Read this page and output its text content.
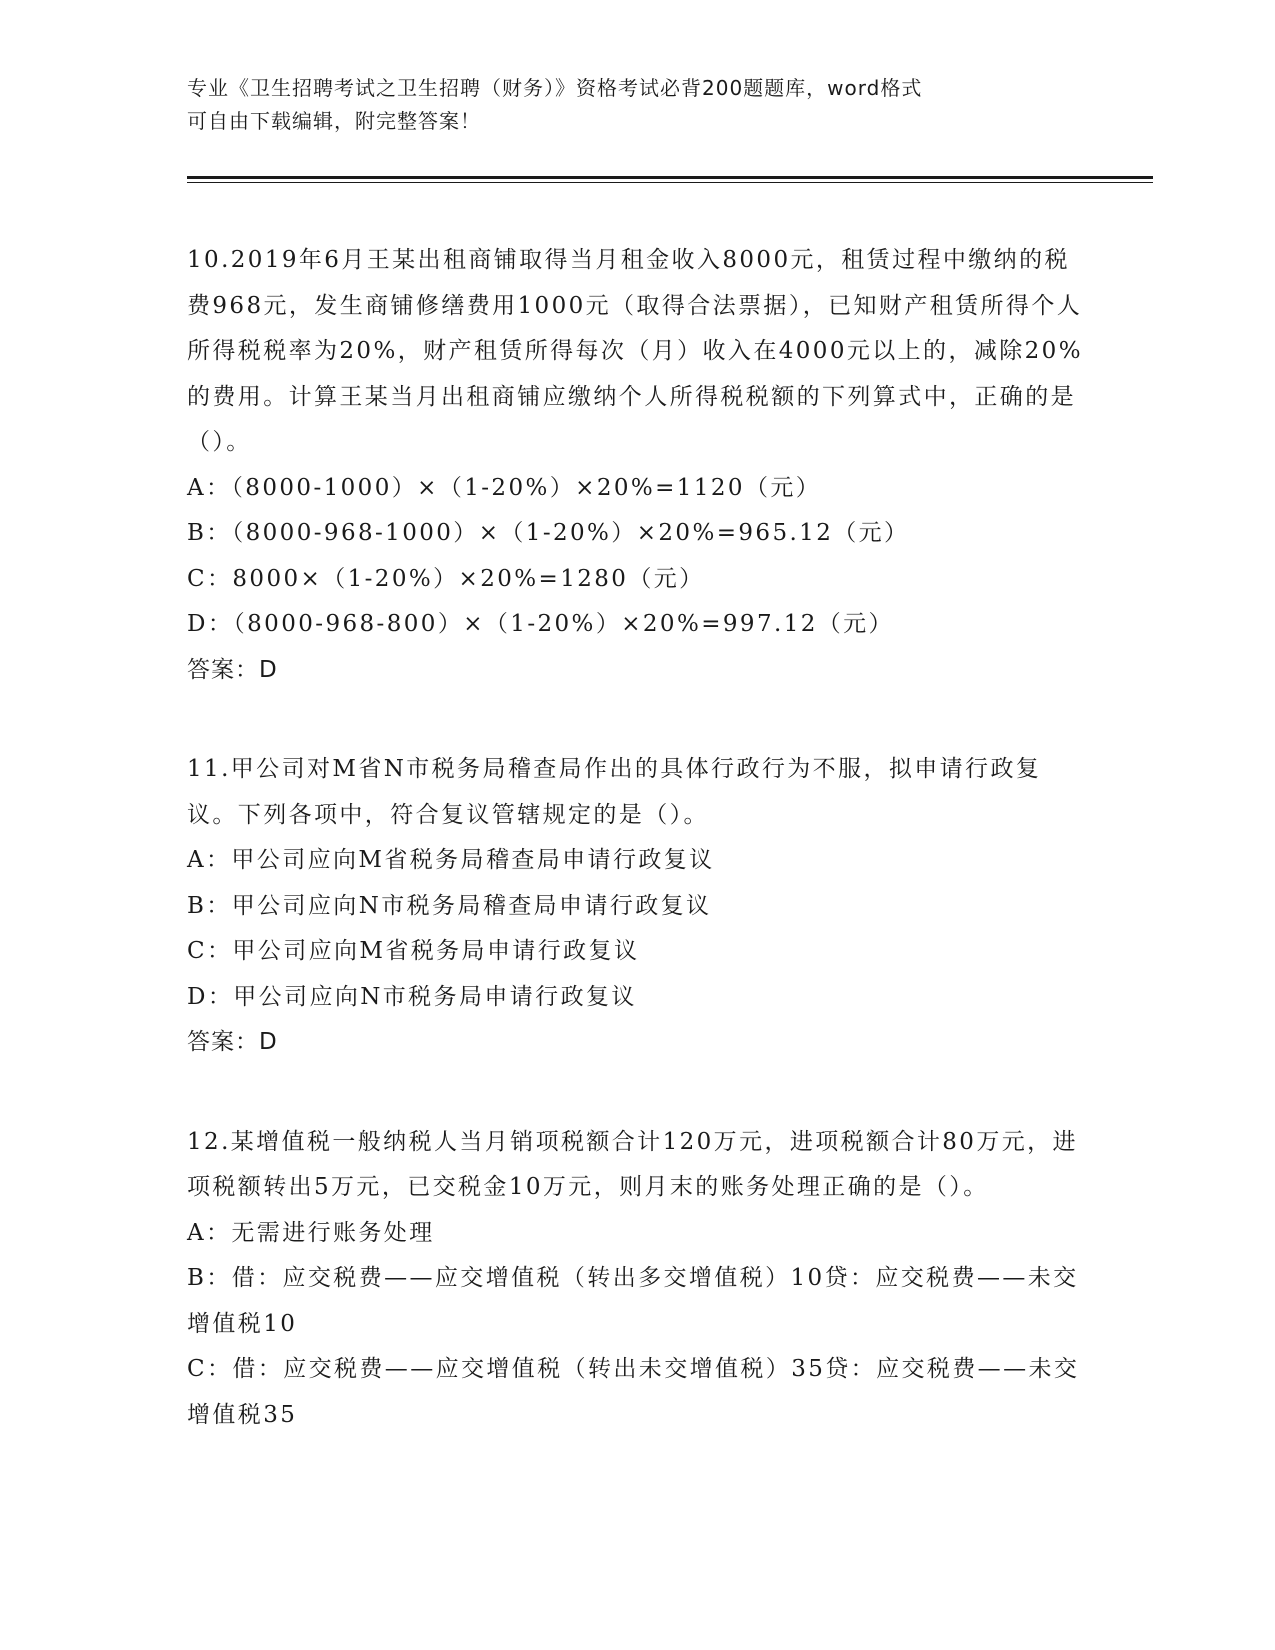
专业《卫生招聘考试之卫生招聘（财务）》资格考试必背200题题库，word格式
可自由下载编辑，附完整答案！

10.2019年6月王某出租商铺取得当月租金收入8000元，租赁过程中缴纳的税费968元，发生商铺修缮费用1000元（取得合法票据），已知财产租赁所得个人所得税税率为20%，财产租赁所得每次（月）收入在4000元以上的，减除20%的费用。计算王某当月出租商铺应缴纳个人所得税税额的下列算式中，正确的是（）。

A：（8000-1000）×（1-20%）×20%=1120（元）

B：（8000-968-1000）×（1-20%）×20%=965.12（元）

C：8000×（1-20%）×20%=1280（元）

D：（8000-968-800）×（1-20%）×20%=997.12（元）

答案：D

11.甲公司对M省N市税务局稽查局作出的具体行政行为不服，拟申请行政复议。下列各项中，符合复议管辖规定的是（）。

A：甲公司应向M省税务局稽查局申请行政复议

B：甲公司应向N市税务局稽查局申请行政复议

C：甲公司应向M省税务局申请行政复议

D：甲公司应向N市税务局申请行政复议

答案：D

12.某增值税一般纳税人当月销项税额合计120万元，进项税额合计80万元，进项税额转出5万元，已交税金10万元，则月末的账务处理正确的是（）。

A：无需进行账务处理

B：借：应交税费——应交增值税（转出多交增值税）10贷：应交税费——未交增值税10

C：借：应交税费——应交增值税（转出未交增值税）35贷：应交税费——未交增值税35
